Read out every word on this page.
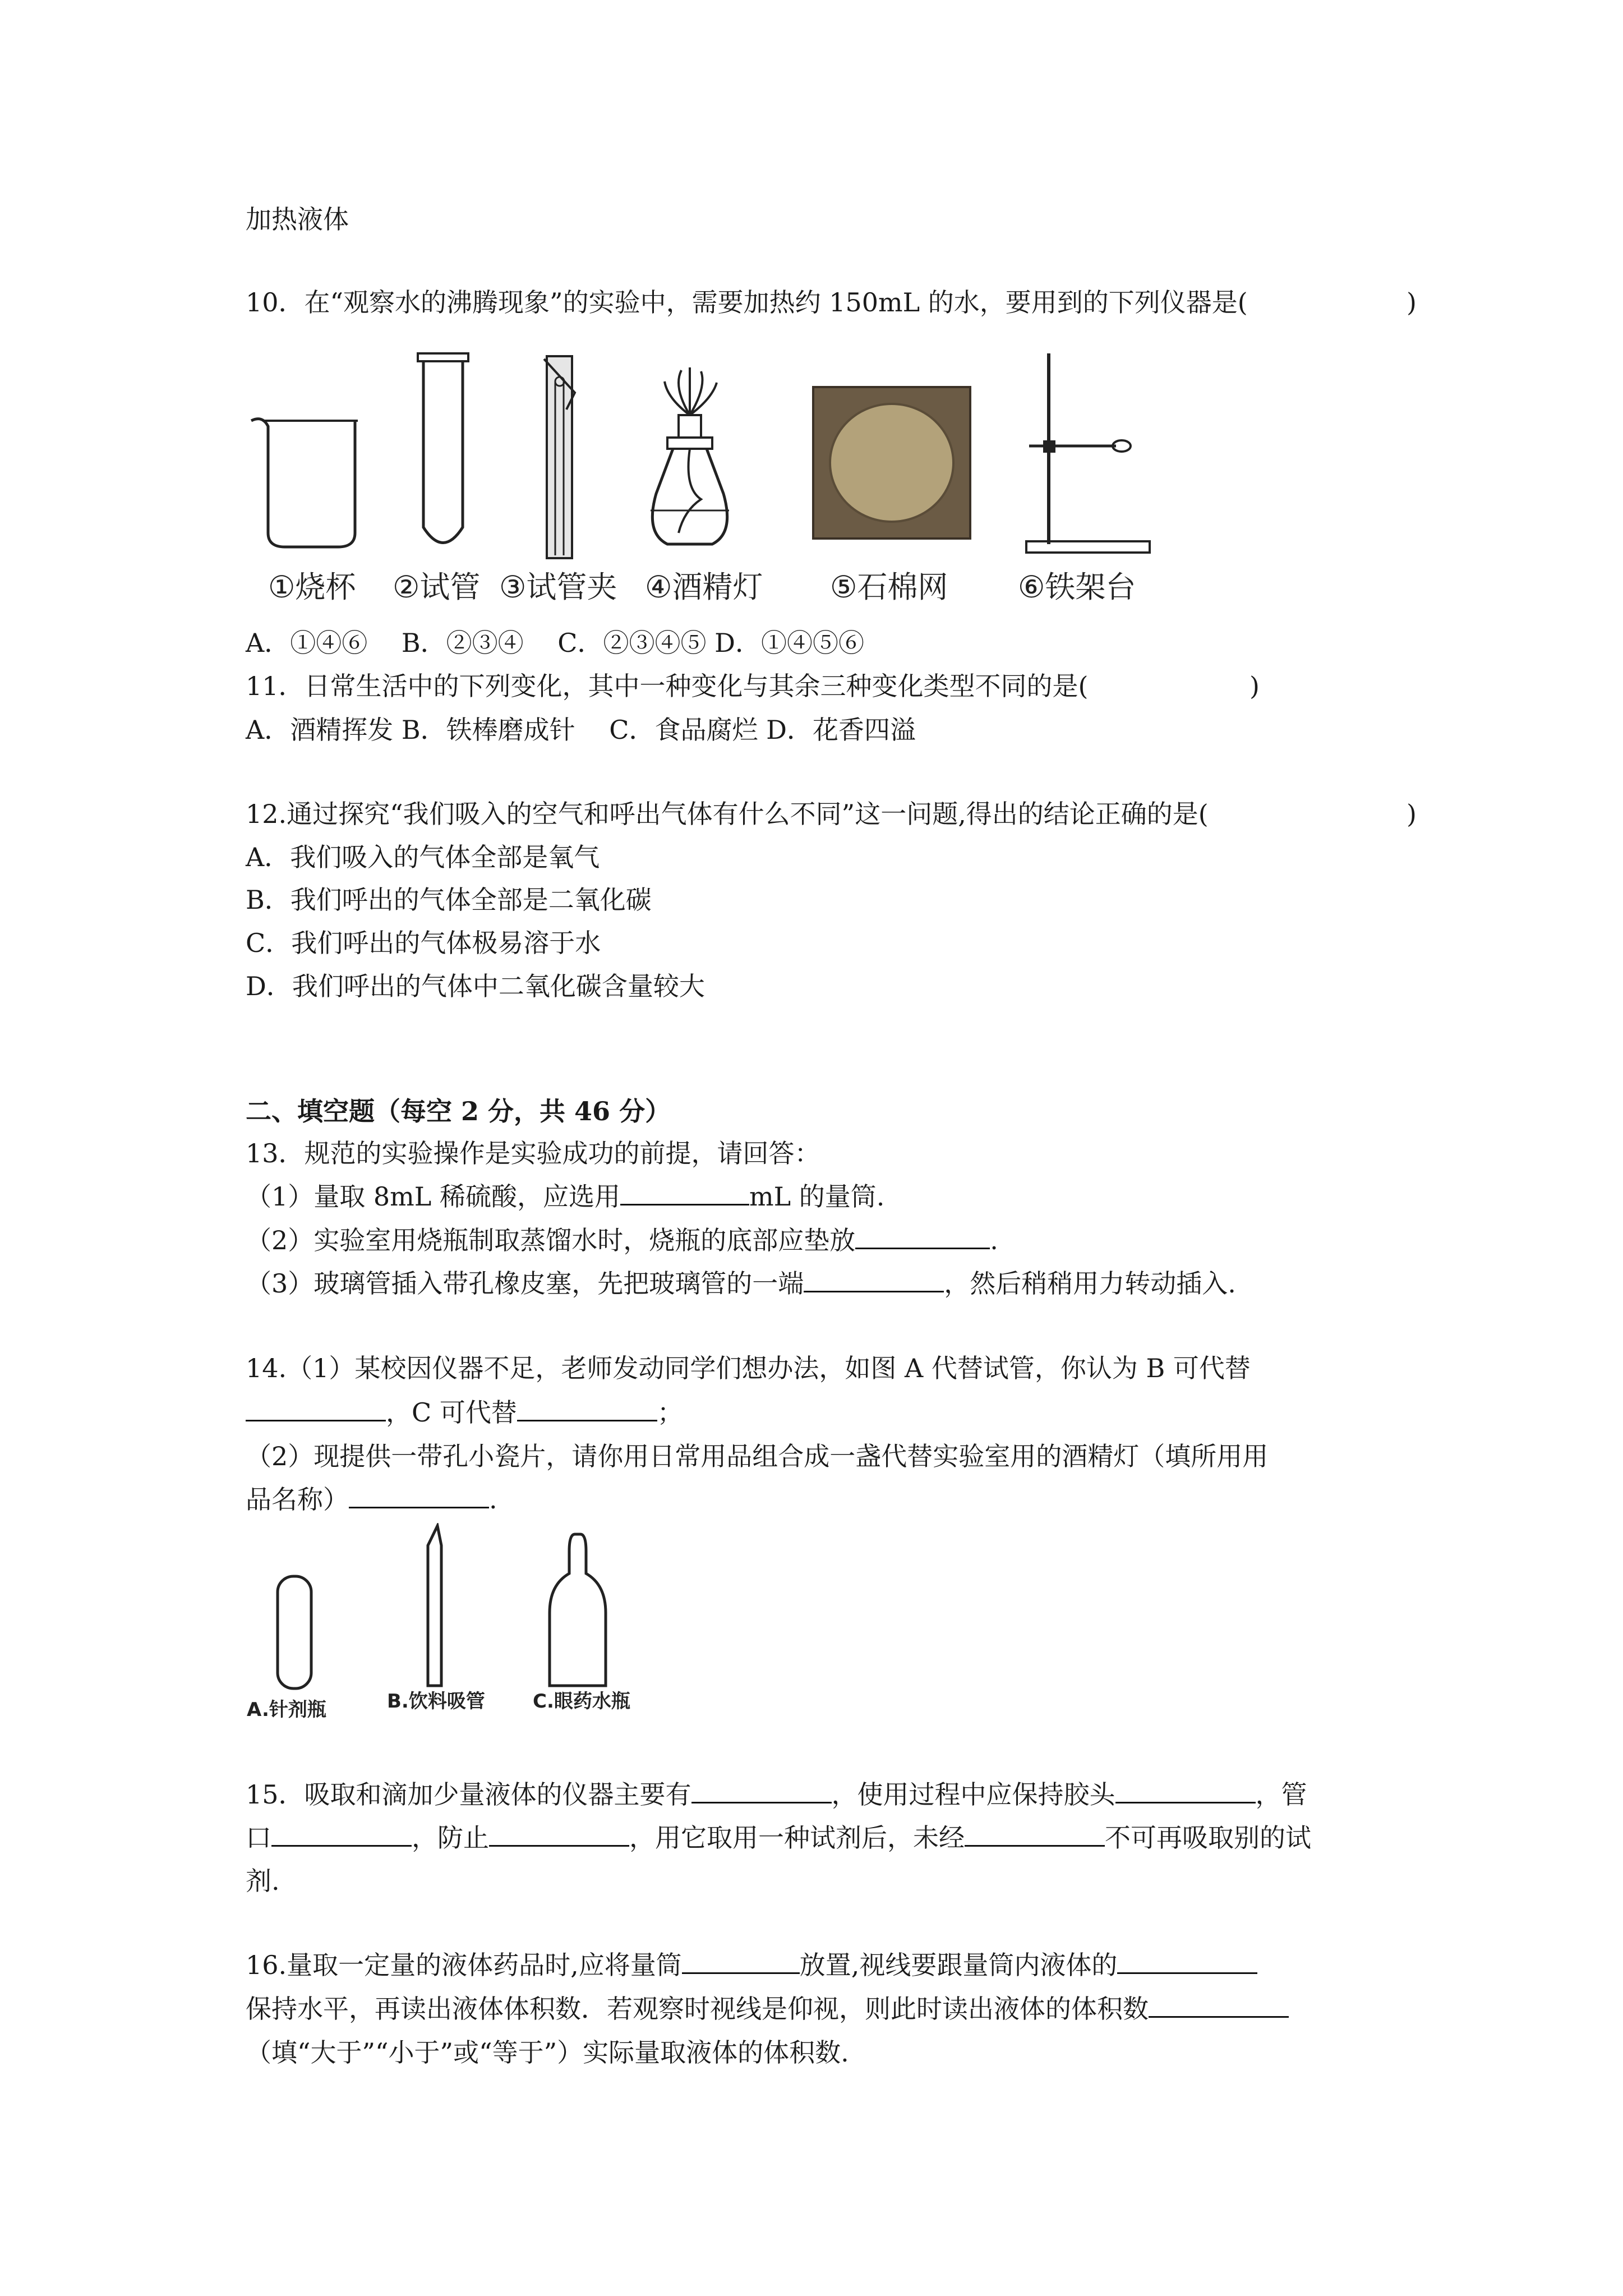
加热液体
10．在“观察水的沸腾现象”的实验中，需要加热约 150mL 的水，要用到的下列仪器是(	)
①烧杯 ②试管 ③试管夹 ④酒精灯 ⑤石棉网 ⑥铁架台
A．①④⑥　 B．②③④　 C．②③④⑤ D．①④⑤⑥
11．日常生活中的下列变化，其中一种变化与其余三种变化类型不同的是(	)
A．酒精挥发 B．铁棒磨成针　 C．食品腐烂 D．花香四溢
12.通过探究“我们吸入的空气和呼出气体有什么不同”这一问题,得出的结论正确的是(	)
A．我们吸入的气体全部是氧气
B．我们呼出的气体全部是二氧化碳
C．我们呼出的气体极易溶于水
D．我们呼出的气体中二氧化碳含量较大
二、填空题（每空 2 分，共 46 分）
13．规范的实验操作是实验成功的前提，请回答：
（1）量取 8mL 稀硫酸，应选用	mL 的量筒.
（2）实验室用烧瓶制取蒸馏水时，烧瓶的底部应垫放	.
（3）玻璃管插入带孔橡皮塞，先把玻璃管的一端	，然后稍稍用力转动插入.
14.（1）某校因仪器不足，老师发动同学们想办法，如图 A 代替试管，你认为 B 可代替
，C 可代替	；
（2）现提供一带孔小瓷片，请你用日常用品组合成一盏代替实验室用的酒精灯（填所用用
品名称）	.
A.针剂瓶	B.饮料吸管	C.眼药水瓶
15．吸取和滴加少量液体的仪器主要有	，使用过程中应保持胶头	，管
口	，防止	，用它取用一种试剂后，未经	不可再吸取别的试
剂.
16.量取一定量的液体药品时,应将量筒	放置,视线要跟量筒内液体的
保持水平，再读出液体体积数．若观察时视线是仰视，则此时读出液体的体积数
（填“大于”“小于”或“等于”）实际量取液体的体积数.
